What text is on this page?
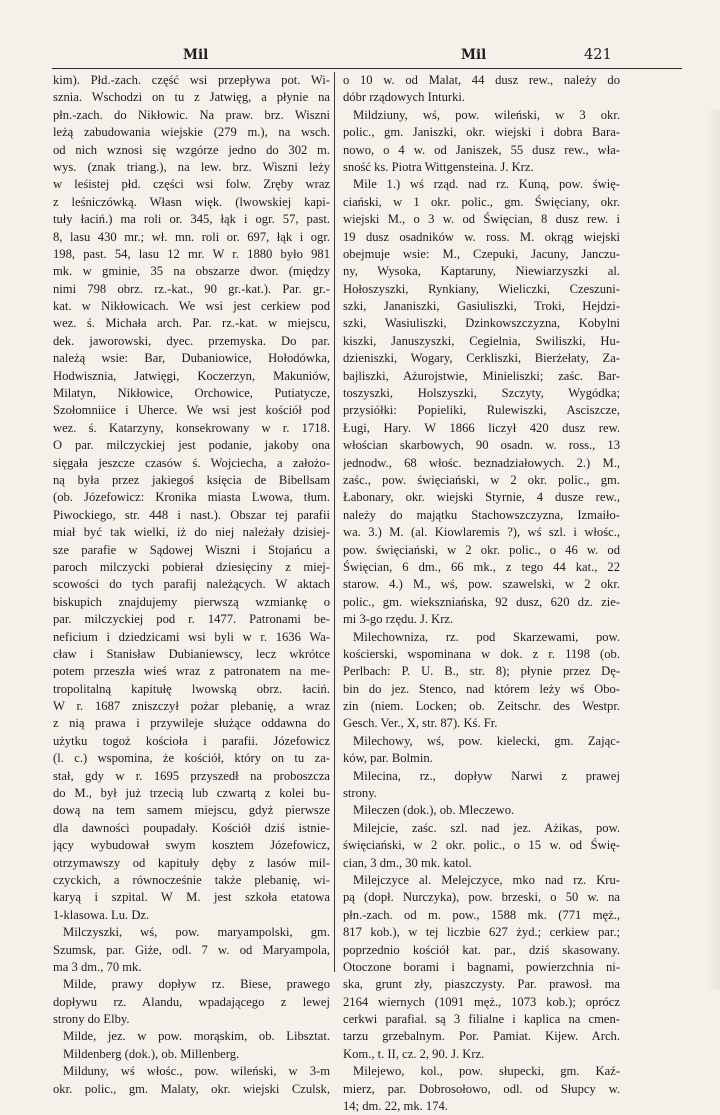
Mil	Mil	421
kim). Płd.-zach. część wsi przepływa pot. Wi-
sznia. Wschodzi on tu z Jatwięg, a płynie na
płn.-zach. do Nikłowic. Na praw. brz. Wiszni
leżą zabudowania wiejskie (279 m.), na wsch.
od nich wznosi się wzgórze jedno do 302 m.
wys. (znak triang.), na lew. brz. Wiszni leży
w leśistej płd. części wsi folw. Zręby wraz
z leśniczówką. Własn więk. (lwowskiej kapi-
tuły łaciń.) ma roli or. 345, łąk i ogr. 57, past.
8, lasu 430 mr.; wł. mn. roli or. 697, łąk i ogr.
198, past. 54, lasu 12 mr. W r. 1880 było 981
mk. w gminie, 35 na obszarze dwor. (między
nimi 798 obrz. rz.-kat., 90 gr.-kat.). Par. gr.-
kat. w Nikłowicach. We wsi jest cerkiew pod
wez. ś. Michała arch. Par. rz.-kat. w miejscu,
dek. jaworowski, dyec. przemyska. Do par.
należą wsie: Bar, Dubaniowice, Hołodówka,
Hodwisznia, Jatwięgi, Koczerzyn, Makuniów,
Milatyn, Nikłowice, Orchowice, Putiatycze,
Szołomniice i Uherce. We wsi jest kościół pod
wez. ś. Katarzyny, konsekrowany w r. 1718.
O par. milczyckiej jest podanie, jakoby ona
sięgała jeszcze czasów ś. Wojciecha, a założo-
ną była przez jakiegoś księcia de Bibellsam
(ob. Józefowicz: Kronika miasta Lwowa, tłum.
Piwockiego, str. 448 i nast.). Obszar tej parafii
miał być tak wielki, iż do niej należały dzisiej-
sze parafie w Sądowej Wiszni i Stojańcu a
paroch milczycki pobierał dziesięciny z miej-
scowości do tych parafij należących. W aktach
biskupich znajdujemy pierwszą wzmiankę o
par. milczyckiej pod r. 1477. Patronami be-
neficium i dziedzicami wsi byli w r. 1636 Wa-
cław i Stanisław Dubianiewscy, lecz wkrótce
potem przeszła wieś wraz z patronatem na me-
tropolitalną kapitułę lwowską obrz. łaciń.
W r. 1687 zniszczył pożar plebanię, a wraz
z nią prawa i przywileje służące oddawna do
użytku togoż kościoła i parafii. Józefowicz
(l. c.) wspomina, że kościół, który on tu za-
stał, gdy w r. 1695 przyszedł na proboszcza
do M., był już trzecią lub czwartą z kolei bu-
dową na tem samem miejscu, gdyż pierwsze
dla dawności poupadały. Kościół dziś istnie-
jący wybudował swym kosztem Józefowicz,
otrzymawszy od kapituły dęby z lasów mil-
czyckich, a równocześnie także plebanię, wi-
karyą i szpital. W M. jest szkoła etatowa
1-klasowa. Lu. Dz.
Milczyszki, wś, pow. maryampolski, gm.
Szumsk, par. Giże, odl. 7 w. od Maryampola,
ma 3 dm., 70 mk.
Milde, prawy dopływ rz. Biese, prawego
dopływu rz. Alandu, wpadającego z lewej
strony do Elby.
Milde, jez. w pow. morąskim, ob. Libsztat.
Mildenberg (dok.), ob. Millenberg.
Milduny, wś włośc., pow. wileński, w 3-m
okr. polic., gm. Malaty, okr. wiejski Czulsk,
o 10 w. od Malat, 44 dusz rew., należy do
dóbr rządowych Inturki.
Mildziuny, wś, pow. wileński, w 3 okr.
polic., gm. Janiszki, okr. wiejski i dobra Bara-
nowo, o 4 w. od Janiszek, 55 dusz rew., wła-
sność ks. Piotra Wittgensteina. J. Krz.
Mile 1.) wś rząd. nad rz. Kuną, pow. świę-
ciański, w 1 okr. polic., gm. Święciany, okr.
wiejski M., o 3 w. od Święcian, 8 dusz rew. i
19 dusz osadników w. ross. M. okrąg wiejski
obejmuje wsie: M., Czepuki, Jacuny, Janczu-
ny, Wysoka, Kaptaruny, Niewiarzyszki al.
Hołoszyszki, Rynkiany, Wieliczki, Czeszuni-
szki, Jananiszki, Gasiuliszki, Troki, Hejdzi-
szki, Wasiuliszki, Dzinkowszczyzna, Kobylni
kiszki, Januszyszki, Cegielnia, Swiliszki, Hu-
dzieniszki, Wogary, Cerkliszki, Bierżełaty, Za-
bajliszki, Ażurojstwie, Minieliszki; zaśc. Bar-
toszyszki, Holszyszki, Szczyty, Wygódka;
przysiółki: Popieliki, Rulewiszki, Asciszcze,
Ługi, Hary. W 1866 liczył 420 dusz rew.
włościan skarbowych, 90 osadn. w. ross., 13
jednodw., 68 włośc. beznadziałowych. 2.) M.,
zaśc., pow. święciański, w 2 okr. polic., gm.
Łabonary, okr. wiejski Styrnie, 4 dusze rew.,
należy do majątku Stachowszczyzna, Izmaiło-
wa. 3.) M. (al. Kiowlaremis ?), wś szl. i włośc.,
pow. święciański, w 2 okr. polic., o 46 w. od
Święcian, 6 dm., 66 mk., z tego 44 kat., 22
starow. 4.) M., wś, pow. szawelski, w 2 okr.
polic., gm. wiekszniańska, 92 dusz, 620 dz. zie-
mi 3-go rzędu. J. Krz.
Milechowniza, rz. pod Skarzewami, pow.
kościerski, wspominana w dok. z r. 1198 (ob.
Perlbach: P. U. B., str. 8); płynie przez Dę-
bin do jez. Stenco, nad którem leży wś Obo-
zin (niem. Locken; ob. Zeitschr. des Westpr.
Gesch. Ver., X, str. 87). Kś. Fr.
Milechowy, wś, pow. kielecki, gm. Zając-
ków, par. Bolmin.
Milecina, rz., dopływ Narwi z prawej
strony.
Mileczen (dok.), ob. Mleczewo.
Milejcie, zaśc. szl. nad jez. Ażikas, pow.
święciański, w 2 okr. polic., o 15 w. od Świę-
cian, 3 dm., 30 mk. katol.
Milejczyce al. Melejczyce, mko nad rz. Kru-
pą (dopł. Nurczyka), pow. brzeski, o 50 w. na
płn.-zach. od m. pow., 1588 mk. (771 męż.,
817 kob.), w tej liczbie 627 żyd.; cerkiew par.;
poprzednio kościół kat. par., dziś skasowany.
Otoczone borami i bagnami, powierzchnia ni-
ska, grunt zły, piaszczysty. Par. prawosł. ma
2164 wiernych (1091 męż., 1073 kob.); oprócz
cerkwi parafial. są 3 filialne i kaplica na cmen-
tarzu grzebalnym. Por. Pamiat. Kijew. Arch.
Kom., t. II, cz. 2, 90. J. Krz.
Milejewo, kol., pow. słupecki, gm. Kaź-
mierz, par. Dobrosołowo, odl. od Słupcy w.
14; dm. 22, mk. 174.
